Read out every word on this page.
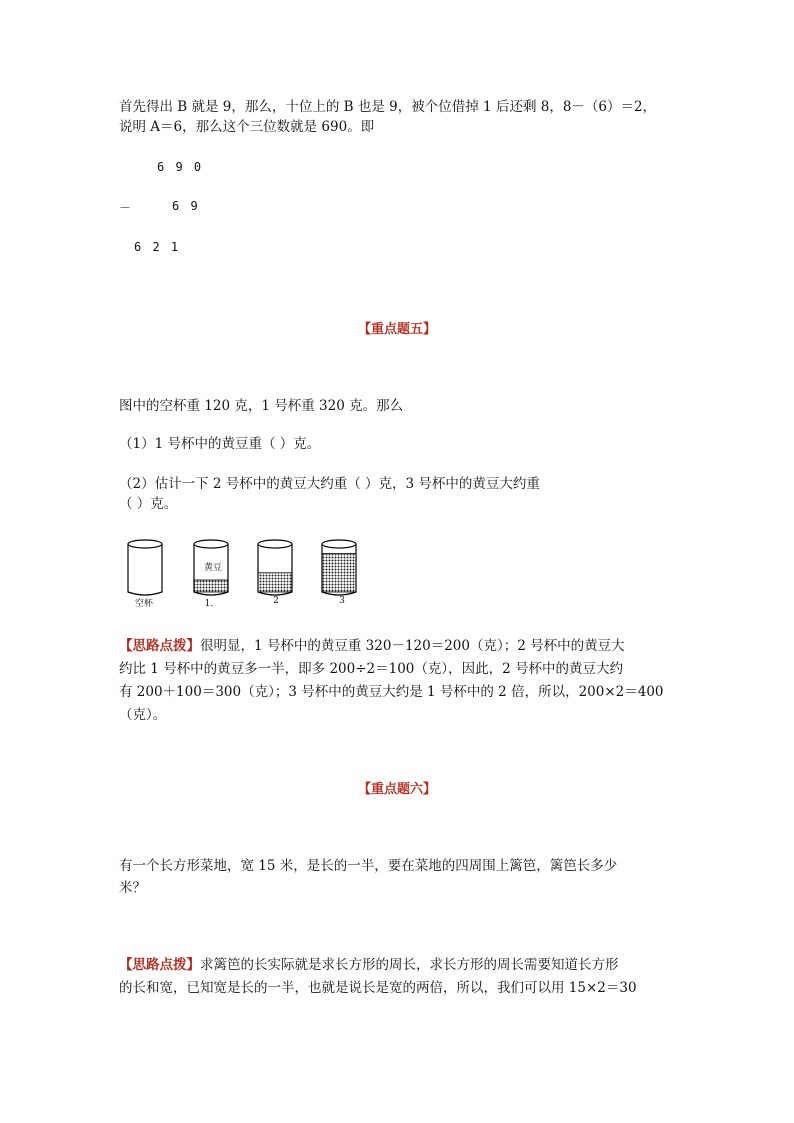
首先得出 B 就是 9，那么，十位上的 B 也是 9，被个位借掉 1 后还剩 8，8－（6）＝2，
说明 A＝6，那么这个三位数就是 690。即
6 9 0
－	6 9
6 2 1
【重点题五】
图中的空杯重 120 克，1 号杯重 320 克。那么
（1）1 号杯中的黄豆重（ ）克。
（2）估计一下 2 号杯中的黄豆大约重（ ）克，3 号杯中的黄豆大约重
（ ）克。
空杯	1．	2	3
黄豆
【思路点拨】很明显，1 号杯中的黄豆重 320－120＝200（克）；2 号杯中的黄豆大
约比 1 号杯中的黄豆多一半，即多 200÷2＝100（克），因此，2 号杯中的黄豆大约
有 200＋100＝300（克）；3 号杯中的黄豆大约是 1 号杯中的 2 倍，所以，200×2＝400
（克）。
【重点题六】
有一个长方形菜地，宽 15 米，是长的一半，要在菜地的四周围上篱笆，篱笆长多少
米？
【思路点拨】求篱笆的长实际就是求长方形的周长，求长方形的周长需要知道长方形
的长和宽，已知宽是长的一半，也就是说长是宽的两倍，所以，我们可以用 15×2＝30
